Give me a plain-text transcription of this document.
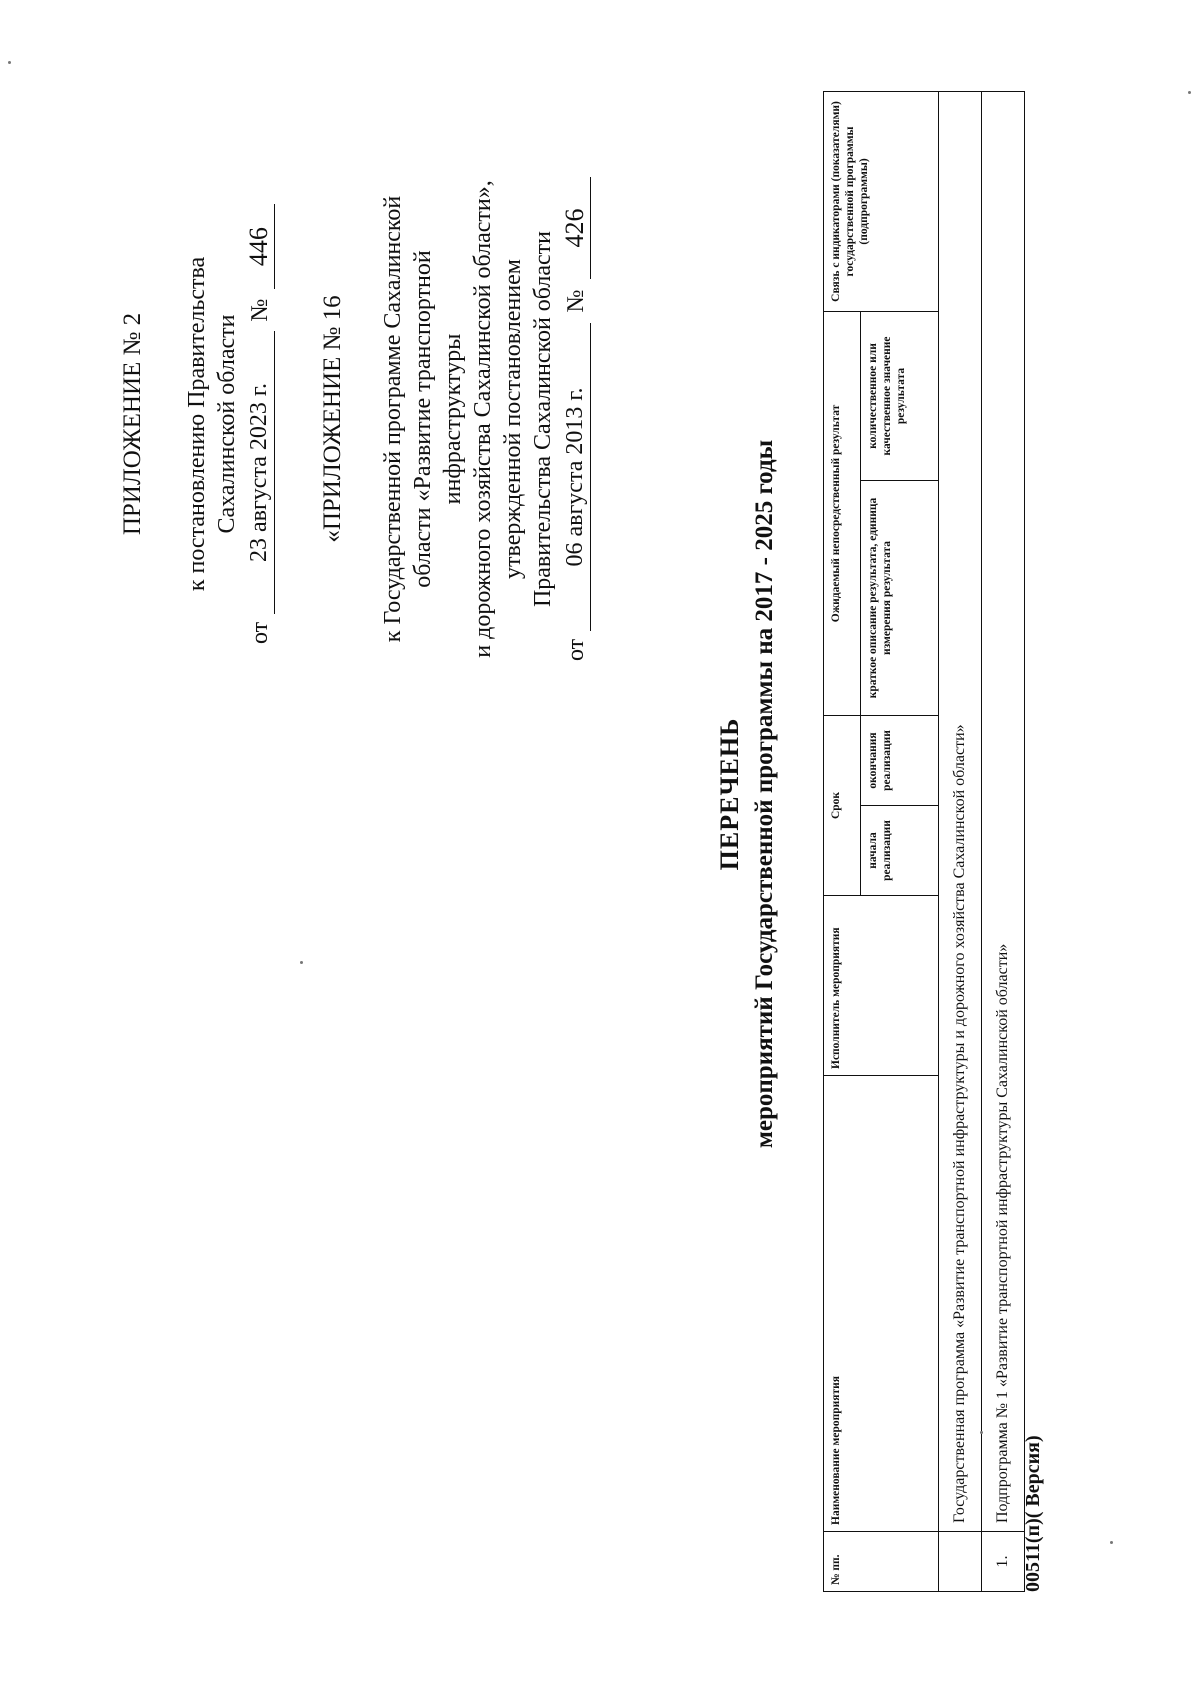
ПРИЛОЖЕНИЕ № 2 к постановлению Правительства Сахалинской области
от
23 августа 2023 г.
№
446
«ПРИЛОЖЕНИЕ № 16 к Государственной программе Сахалинской области «Развитие транспортной инфраструктуры и дорожного хозяйства Сахалинской области», утвержденной постановлением Правительства Сахалинской области
от
06 августа 2013 г.
№
426
ПЕРЕЧЕНЬ мероприятий Государственной программы на 2017 - 2025 годы
№ пп.	Наименование мероприятия	Исполнитель мероприятия	Срок		Ожидаемый непосредственный результат		Связь с индикаторами (показателями) государственной программы (подпрограммы)
			начала реализации	окончания реализации	краткое описание результата, единица измерения результата	количественное или качественное значение результата	
	Государственная программа «Развитие транспортной инфраструктуры и дорожного хозяйства Сахалинской области»						
1.	Подпрограмма № 1 «Развитие транспортной инфраструктуры Сахалинской области»						00511(п)( Версия)
